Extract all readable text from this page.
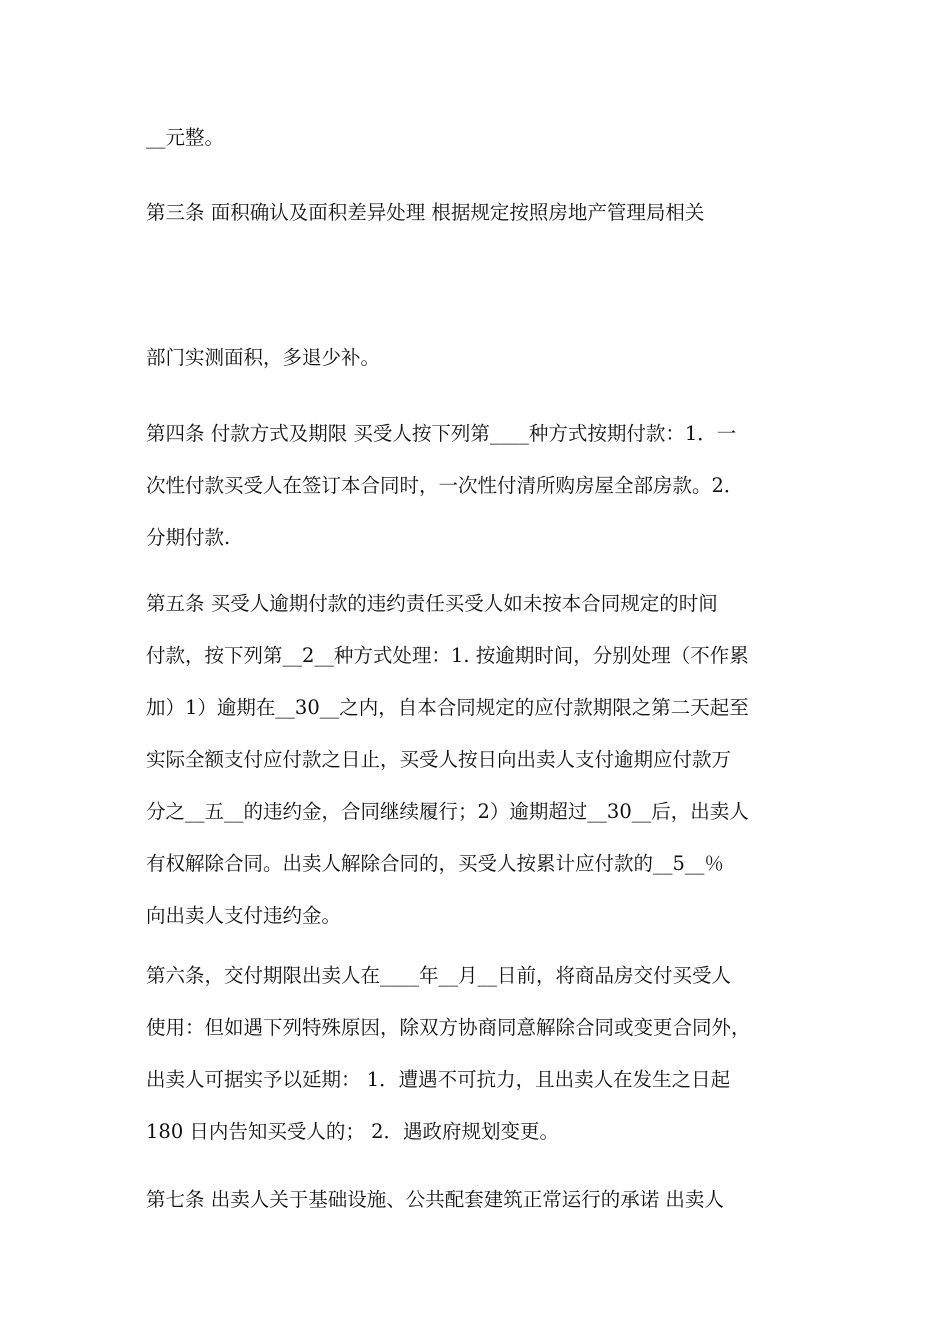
__元整。
第三条 面积确认及面积差异处理 根据规定按照房地产管理局相关
部门实测面积，多退少补。
第四条 付款方式及期限 买受人按下列第____种方式按期付款：1．一
次性付款买受人在签订本合同时，一次性付清所购房屋全部房款。2．
分期付款.
第五条 买受人逾期付款的违约责任买受人如未按本合同规定的时间
付款，按下列第__2__种方式处理：1. 按逾期时间，分别处理（不作累
加）1）逾期在__30__之内，自本合同规定的应付款期限之第二天起至
实际全额支付应付款之日止，买受人按日向出卖人支付逾期应付款万
分之__五__的违约金，合同继续履行；2）逾期超过__30__后，出卖人
有权解除合同。出卖人解除合同的，买受人按累计应付款的__5__％
向出卖人支付违约金。
第六条，交付期限出卖人在____年__月__日前，将商品房交付买受人
使用：但如遇下列特殊原因，除双方协商同意解除合同或变更合同外，
出卖人可据实予以延期： 1．遭遇不可抗力，且出卖人在发生之日起
180 日内告知买受人的； 2．遇政府规划变更。
第七条 出卖人关于基础设施、公共配套建筑正常运行的承诺 出卖人
